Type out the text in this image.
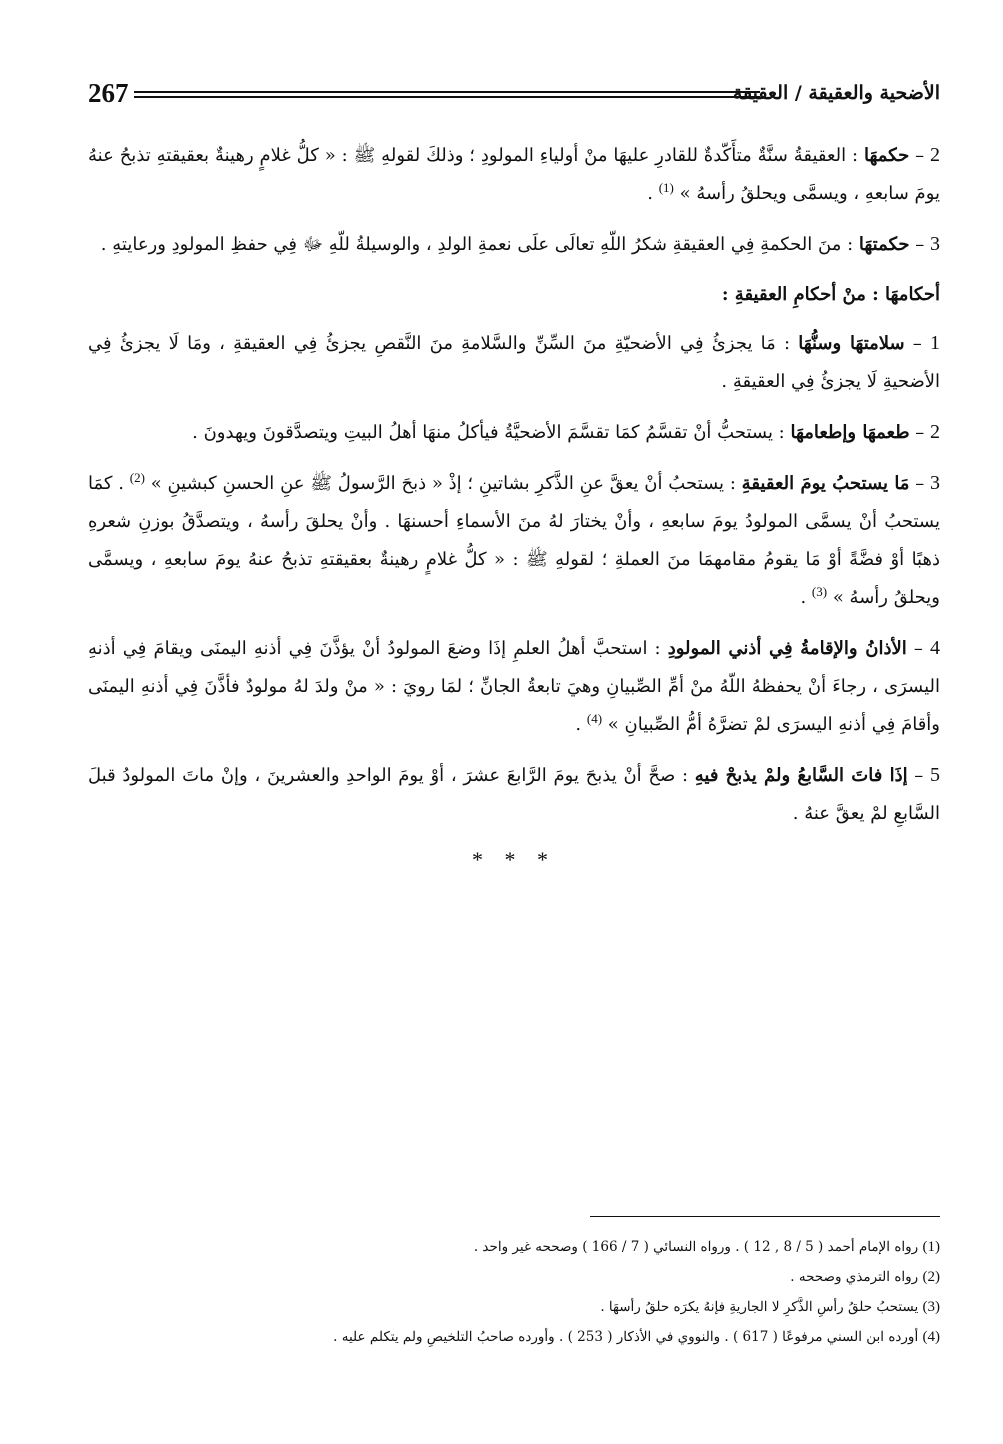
267	الأضحية والعقيقة / العقيقة

2 – حكمهَا : العقيقةُ سنَّةٌ متأَكّدةٌ للقادرِ عليهَا منْ أولياءِ المولودِ ؛ وذلكَ لقولهِ ﷺ : « كلُّ غلامٍ رهينةٌ بعقيقتهِ تذبحُ عنهُ يومَ سابعهِ ، ويسمَّى ويحلقُ رأسهُ » $^{(1)}$ .

3 – حكمتهَا : منَ الحكمةِ فِي العقيقةِ شكرُ اللّهِ تعالَى علَى نعمةِ الولدِ ، والوسيلةُ للّهِ ﷻ فِي حفظِ المولودِ ورعايتهِ .

أحكامهَا : منْ أحكامِ العقيقةِ :

1 – سلامتهَا وسنُّهَا : مَا يجزئُ فِي الأضحيّةِ منَ السِّنِّ والسَّلامةِ منَ النَّقصِ يجزئُ فِي العقيقةِ ، ومَا لَا يجزئُ فِي الأضحيةِ لَا يجزئُ فِي العقيقةِ .

2 – طعمهَا وإطعامهَا : يستحبُّ أنْ تقسَّمُ كمَا تقسَّمَ الأضحيَّةُ فيأكلُ منهَا أهلُ البيتِ ويتصدَّقونَ ويهدونَ .

3 – مَا يستحبُ يومَ العقيقةِ : يستحبُ أنْ يعقَّ عنِ الذَّكرِ بشاتينِ ؛ إذْ « ذبحَ الرَّسولُ ﷺ عنِ الحسنِ كبشينِ » $^{(2)}$ . كمَا يستحبُ أنْ يسمَّى المولودُ يومَ سابعهِ ، وأنْ يختارَ لهُ منَ الأسماءِ أحسنهَا . وأنْ يحلقَ رأسهُ ، ويتصدَّقُ بوزنِ شعرهِ ذهبًا أوْ فضَّةً أوْ مَا يقومُ مقامهمَا منَ العملةِ ؛ لقولهِ ﷺ : « كلُّ غلامٍ رهينةٌ بعقيقتهِ تذبحُ عنهُ يومَ سابعهِ ، ويسمَّى ويحلقُ رأسهُ » $^{(3)}$ .

4 – الأذانُ والإقامةُ فِي أذني المولودِ : استحبَّ أهلُ العلمِ إذَا وضعَ المولودُ أنْ يؤذَّنَ فِي أذنهِ اليمنَى ويقامَ فِي أذنهِ اليسرَى ، رجاءَ أنْ يحفظهُ اللّهُ منْ أمِّ الصِّبيانِ وهيَ تابعةُ الجانِّ ؛ لمَا رويَ : « منْ ولدَ لهُ مولودٌ فأذَّنَ فِي أذنهِ اليمنَى وأقامَ فِي أذنهِ اليسرَى لمْ تضرَّهُ أمُّ الصِّبيانِ » $^{(4)}$ .

5 – إذَا فاتَ السَّابعُ ولمْ يذبحْ فيهِ : صحَّ أنْ يذبحَ يومَ الرَّابعَ عشرَ ، أوْ يومَ الواحدِ والعشرينَ ، وإنْ ماتَ المولودُ قبلَ السَّابعِ لمْ يعقَّ عنهُ .

* * *

(1) رواه الإمام أحمد ( 5 / 8 , 12 ) . ورواه النسائي ( 7 / 166 ) وصححه غير واحد .

(2) رواه الترمذي وصححه .

(3) يستحبُ حلقُ رأسِ الذَّكرِ لا الجاريةِ فإنهُ يكرَه حلقُ رأسهَا .

(4) أورده ابن السني مرفوعًا ( 617 ) . والنووي في الأذكار ( 253 ) . وأورده صاحبُ التلخيصِ ولم يتكلم عليه .
